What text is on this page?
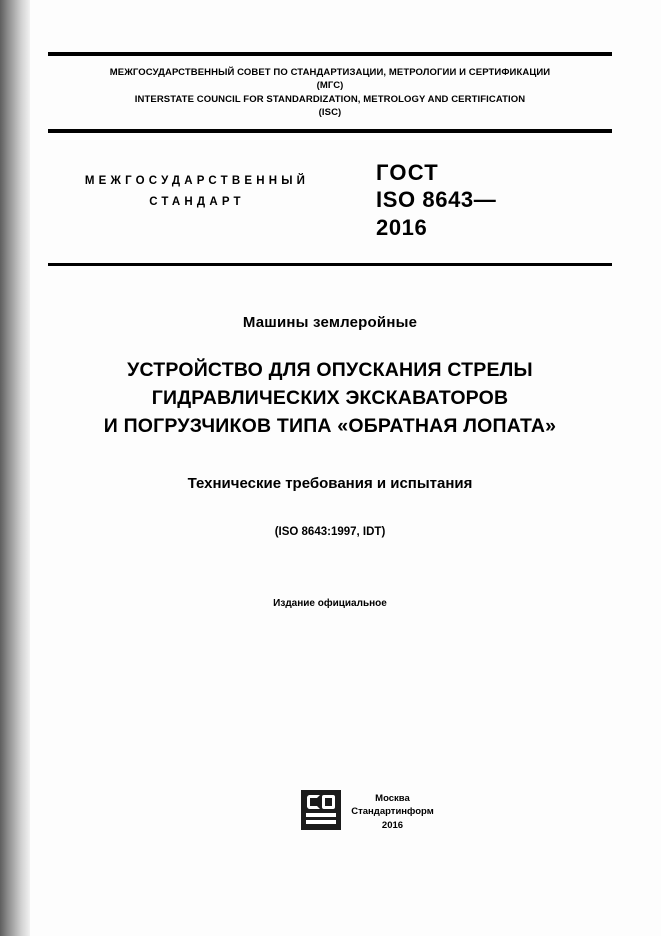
МЕЖГОСУДАРСТВЕННЫЙ СОВЕТ ПО СТАНДАРТИЗАЦИИ, МЕТРОЛОГИИ И СЕРТИФИКАЦИИ
(МГС)
INTERSTATE COUNCIL FOR STANDARDIZATION, METROLOGY AND CERTIFICATION
(ISC)
МЕЖГОСУДАРСТВЕННЫЙ
СТАНДАРТ
ГОСТ
ISO 8643—
2016
Машины землеройные
УСТРОЙСТВО ДЛЯ ОПУСКАНИЯ СТРЕЛЫ
ГИДРАВЛИЧЕСКИХ ЭКСКАВАТОРОВ
И ПОГРУЗЧИКОВ ТИПА «ОБРАТНАЯ ЛОПАТА»
Технические требования и испытания
(ISO 8643:1997, IDT)
Издание официальное
Москва
Стандартинформ
2016
